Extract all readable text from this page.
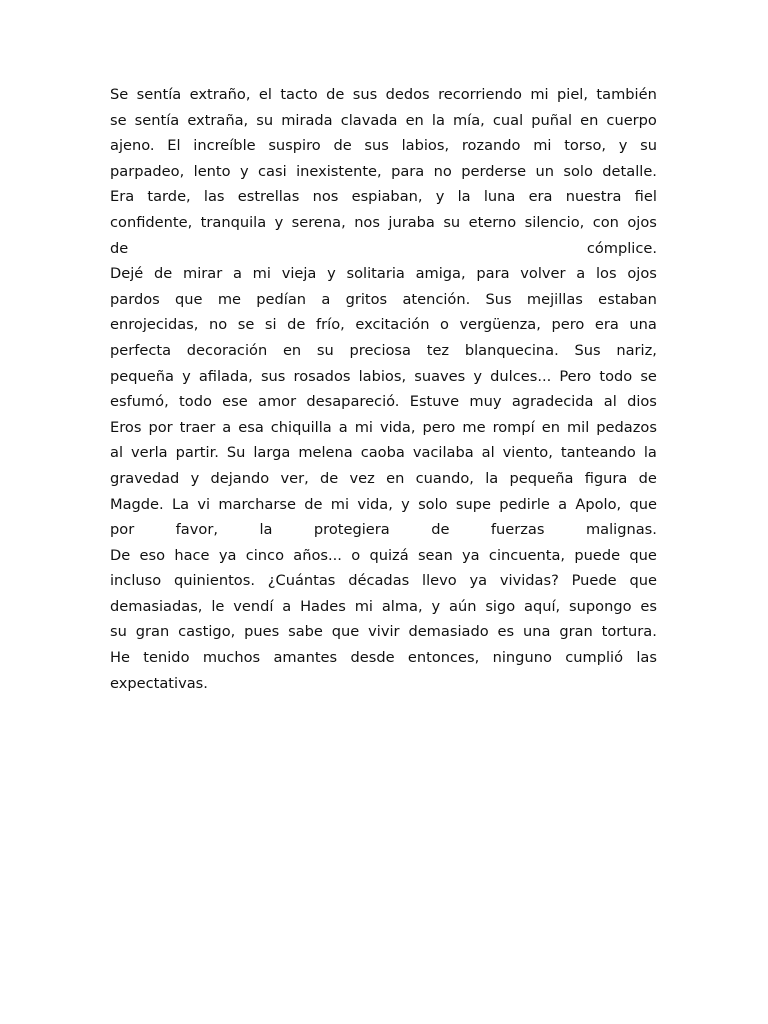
Se sentía extraño, el tacto de sus dedos recorriendo mi piel, también
se sentía extraña, su mirada clavada en la mía, cual puñal en cuerpo
ajeno. El increíble suspiro de sus labios, rozando mi torso, y su
parpadeo, lento y casi inexistente, para no perderse un solo detalle.
Era tarde, las estrellas nos espiaban, y la luna era nuestra fiel
confidente, tranquila y serena, nos juraba su eterno silencio, con ojos
de	cómplice.
Dejé de mirar a mi vieja y solitaria amiga, para volver a los ojos
pardos que me pedían a gritos atención. Sus mejillas estaban
enrojecidas, no se si de frío, excitación o vergüenza, pero era una
perfecta decoración en su preciosa tez blanquecina. Sus nariz,
pequeña y afilada, sus rosados labios, suaves y dulces... Pero todo se
esfumó, todo ese amor desapareció. Estuve muy agradecida al dios
Eros por traer a esa chiquilla a mi vida, pero me rompí en mil pedazos
al verla partir. Su larga melena caoba vacilaba al viento, tanteando la
gravedad y dejando ver, de vez en cuando, la pequeña figura de
Magde. La vi marcharse de mi vida, y solo supe pedirle a Apolo, que
por	favor,	la	protegiera	de	fuerzas	malignas.
De eso hace ya cinco años... o quizá sean ya cincuenta, puede que
incluso quinientos. ¿Cuántas décadas llevo ya vividas? Puede que
demasiadas, le vendí a Hades mi alma, y aún sigo aquí, supongo es
su gran castigo, pues sabe que vivir demasiado es una gran tortura.
He tenido muchos amantes desde entonces, ninguno cumplió las
expectativas.
